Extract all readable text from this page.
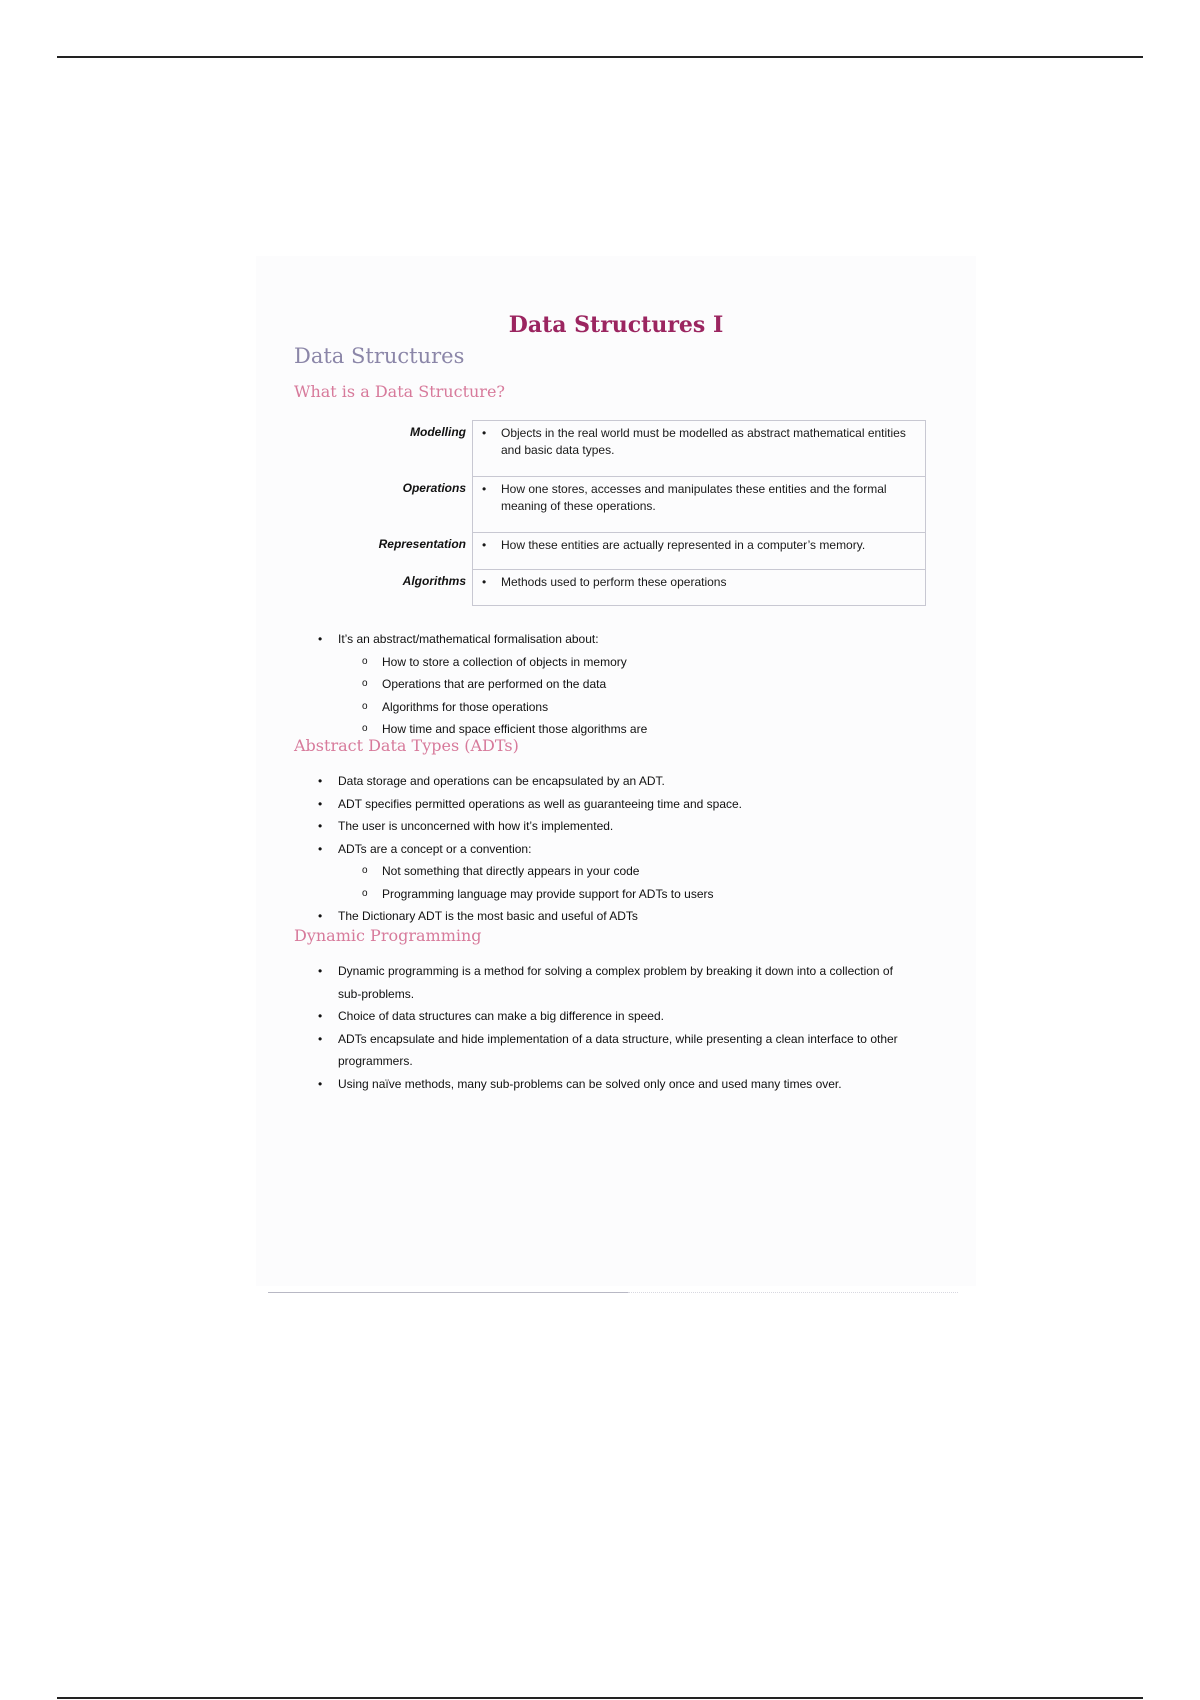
Data Structures I
Data Structures
What is a Data Structure?
Modelling	• Objects in the real world must be modelled as abstract mathematical entities and basic data types.
Operations	• How one stores, accesses and manipulates these entities and the formal meaning of these operations.
Representation	• How these entities are actually represented in a computer’s memory.
Algorithms	• Methods used to perform these operations
• It’s an abstract/mathematical formalisation about:
o How to store a collection of objects in memory
o Operations that are performed on the data
o Algorithms for those operations
o How time and space efficient those algorithms are
Abstract Data Types (ADTs)
• Data storage and operations can be encapsulated by an ADT.
• ADT specifies permitted operations as well as guaranteeing time and space.
• The user is unconcerned with how it’s implemented.
• ADTs are a concept or a convention:
o Not something that directly appears in your code
o Programming language may provide support for ADTs to users
• The Dictionary ADT is the most basic and useful of ADTs
Dynamic Programming
• Dynamic programming is a method for solving a complex problem by breaking it down into a collection of sub-problems.
• Choice of data structures can make a big difference in speed.
• ADTs encapsulate and hide implementation of a data structure, while presenting a clean interface to other programmers.
• Using naïve methods, many sub-problems can be solved only once and used many times over.
